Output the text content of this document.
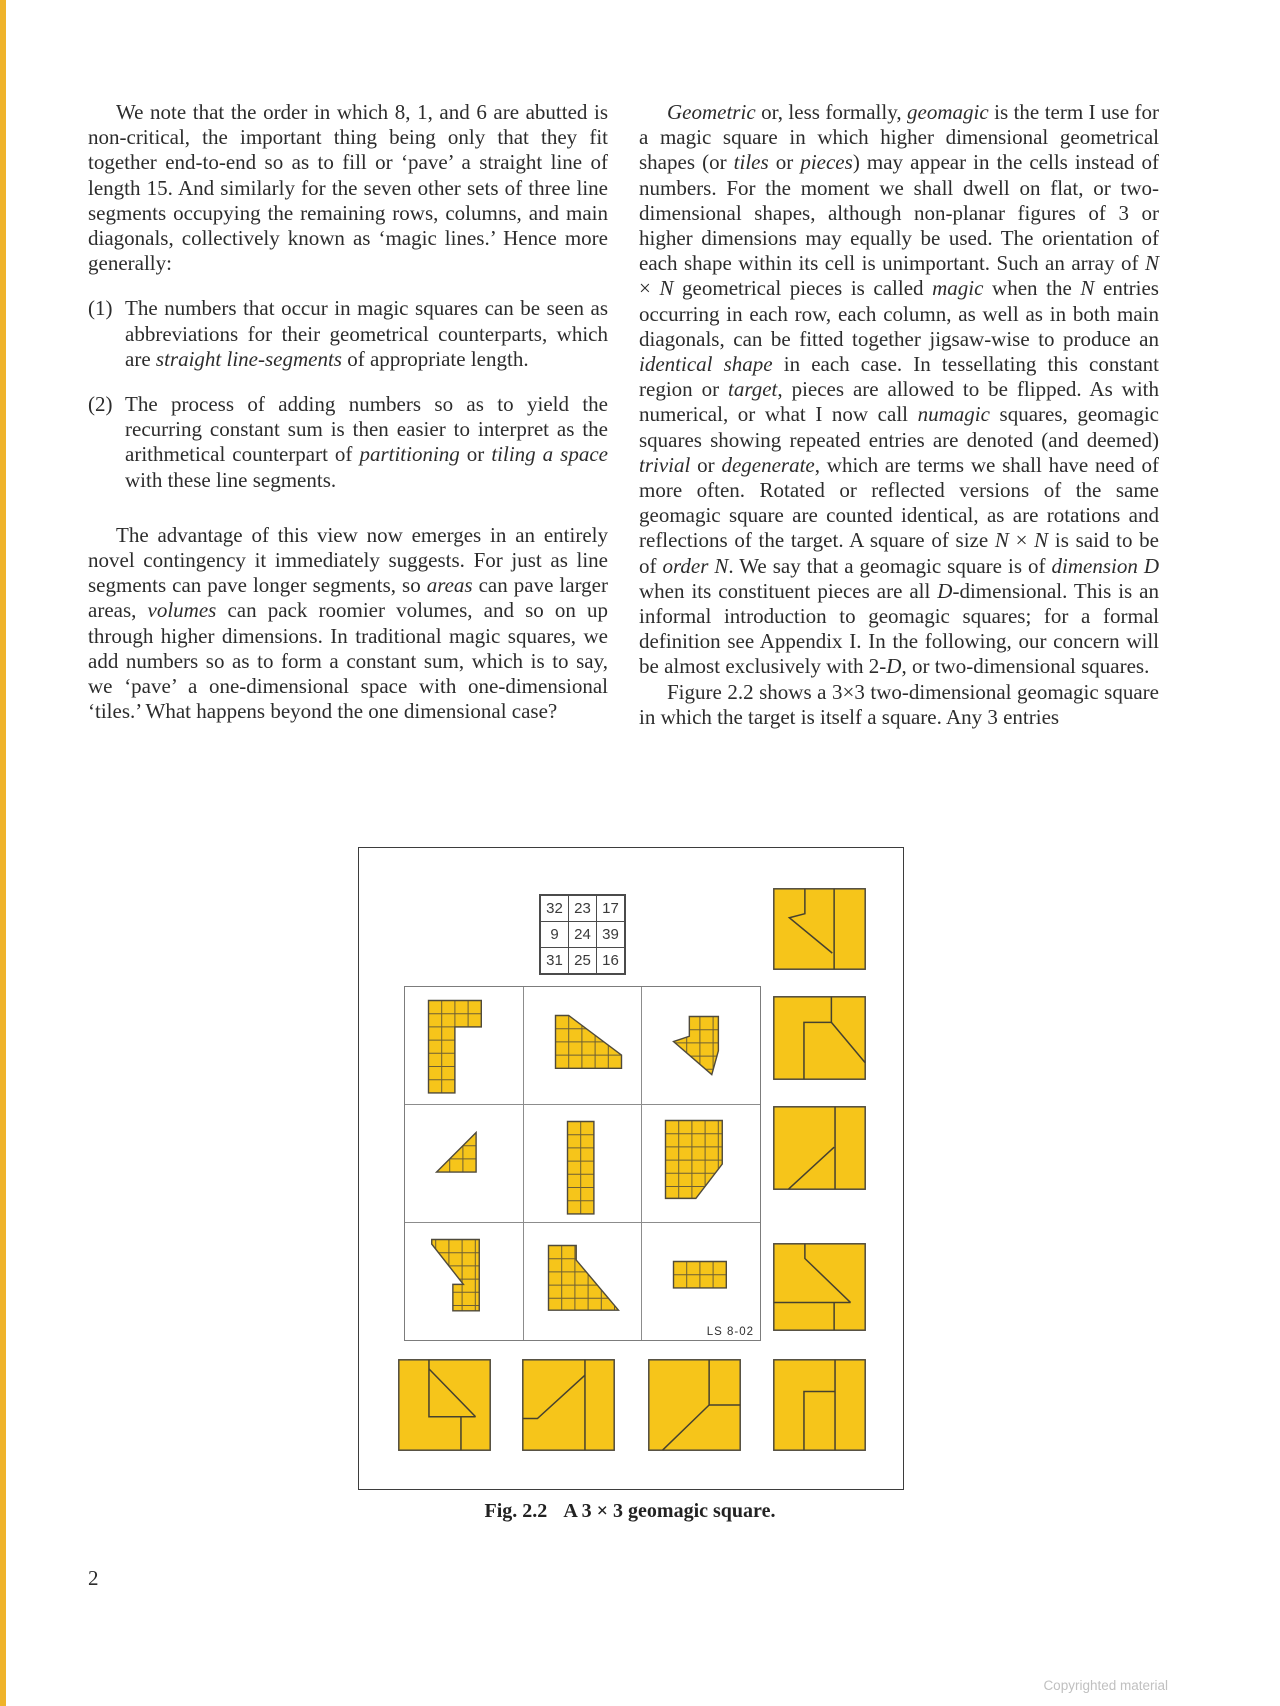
We note that the order in which 8, 1, and 6 are abutted is non-critical, the important thing being only that they fit together end-to-end so as to fill or ‘pave’ a straight line of length 15. And similarly for the seven other sets of three line segments occupying the remaining rows, columns, and main diagonals, collectively known as ‘magic lines.’ Hence more generally:
(1) The numbers that occur in magic squares can be seen as abbreviations for their geometrical counterparts, which are straight line-segments of appropriate length.
(2) The process of adding numbers so as to yield the recurring constant sum is then easier to interpret as the arithmetical counterpart of partitioning or tiling a space with these line segments.
The advantage of this view now emerges in an entirely novel contingency it immediately suggests. For just as line segments can pave longer segments, so areas can pave larger areas, volumes can pack roomier volumes, and so on up through higher dimensions. In traditional magic squares, we add numbers so as to form a constant sum, which is to say, we ‘pave’ a one-dimensional space with one-dimensional ‘tiles.’ What happens beyond the one dimensional case?
Geometric or, less formally, geomagic is the term I use for a magic square in which higher dimensional geometrical shapes (or tiles or pieces) may appear in the cells instead of numbers. For the moment we shall dwell on flat, or two-dimensional shapes, although non-planar figures of 3 or higher dimensions may equally be used. The orientation of each shape within its cell is unimportant. Such an array of N × N geometrical pieces is called magic when the N entries occurring in each row, each column, as well as in both main diagonals, can be fitted together jigsaw-wise to produce an identical shape in each case. In tessellating this constant region or target, pieces are allowed to be flipped. As with numerical, or what I now call numagic squares, geomagic squares showing repeated entries are denoted (and deemed) trivial or degenerate, which are terms we shall have need of more often. Rotated or reflected versions of the same geomagic square are counted identical, as are rotations and reflections of the target. A square of size N × N is said to be of order N. We say that a geomagic square is of dimension D when its constituent pieces are all D-dimensional. This is an informal introduction to geomagic squares; for a formal definition see Appendix I. In the following, our concern will be almost exclusively with 2-D, or two-dimensional squares.
Figure 2.2 shows a 3×3 two-dimensional geomagic square in which the target is itself a square. Any 3 entries
32	23	17
9	24	39
31	25	16
LS 8-02
Fig. 2.2 A 3 × 3 geomagic square.
2
Copyrighted material
